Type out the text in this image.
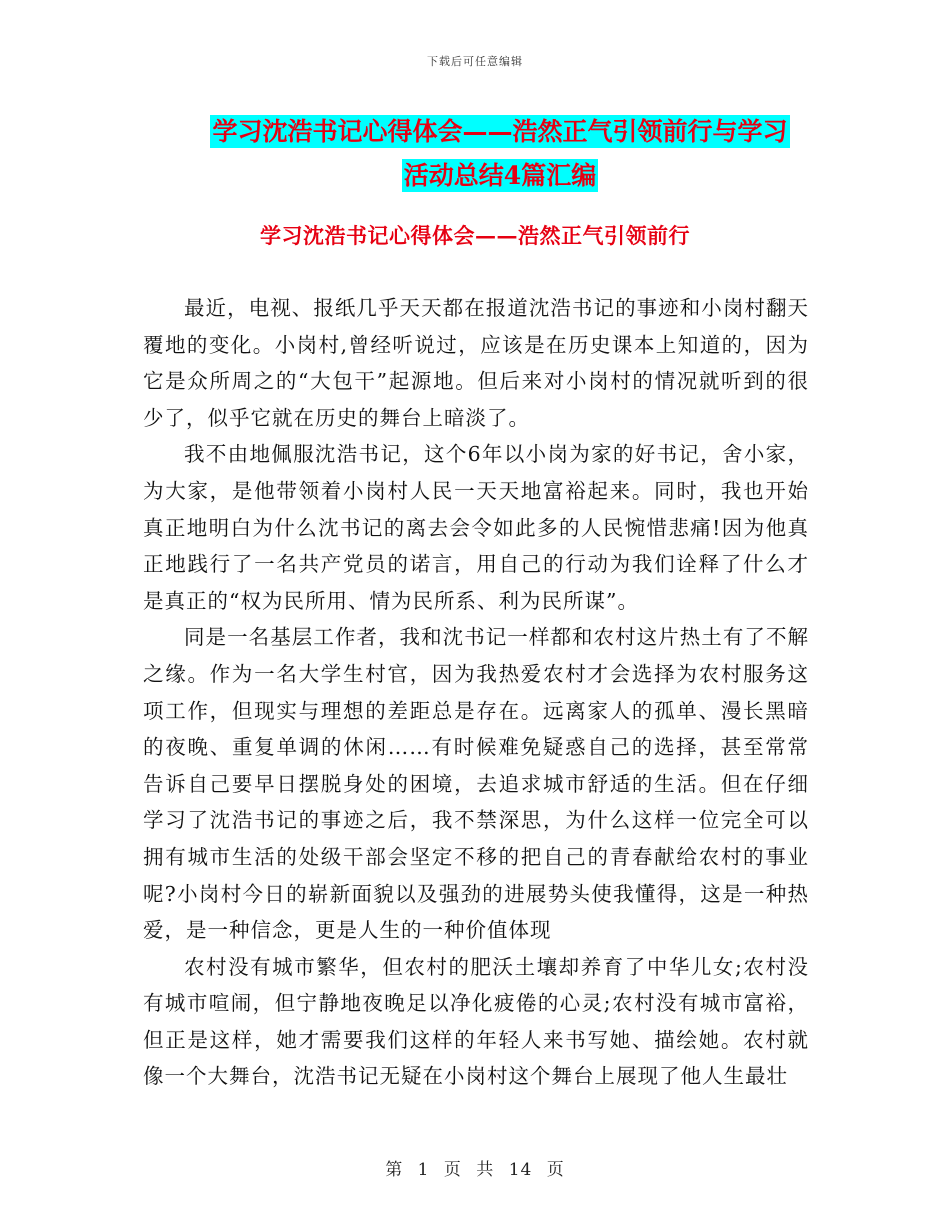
下载后可任意编辑
学习沈浩书记心得体会——浩然正气引领前行与学习
活动总结4篇汇编
学习沈浩书记心得体会——浩然正气引领前行

最近，电视、报纸几乎天天都在报道沈浩书记的事迹和小岗村翻天覆地的变化。小岗村,曾经听说过，应该是在历史课本上知道的，因为它是众所周之的“大包干”起源地。但后来对小岗村的情况就听到的很少了，似乎它就在历史的舞台上暗淡了。

我不由地佩服沈浩书记，这个6年以小岗为家的好书记，舍小家，为大家，是他带领着小岗村人民一天天地富裕起来。同时，我也开始真正地明白为什么沈书记的离去会令如此多的人民惋惜悲痛!因为他真正地践行了一名共产党员的诺言，用自己的行动为我们诠释了什么才是真正的“权为民所用、情为民所系、利为民所谋”。

同是一名基层工作者，我和沈书记一样都和农村这片热土有了不解之缘。作为一名大学生村官，因为我热爱农村才会选择为农村服务这项工作，但现实与理想的差距总是存在。远离家人的孤单、漫长黑暗的夜晚、重复单调的休闲……有时候难免疑惑自己的选择，甚至常常告诉自己要早日摆脱身处的困境，去追求城市舒适的生活。但在仔细学习了沈浩书记的事迹之后，我不禁深思，为什么这样一位完全可以拥有城市生活的处级干部会坚定不移的把自己的青春献给农村的事业呢?小岗村今日的崭新面貌以及强劲的进展势头使我懂得，这是一种热爱，是一种信念，更是人生的一种价值体现

农村没有城市繁华，但农村的肥沃土壤却养育了中华儿女;农村没有城市喧闹，但宁静地夜晚足以净化疲倦的心灵;农村没有城市富裕，但正是这样，她才需要我们这样的年轻人来书写她、描绘她。农村就像一个大舞台，沈浩书记无疑在小岗村这个舞台上展现了他人生最壮

第 1 页 共 14 页
